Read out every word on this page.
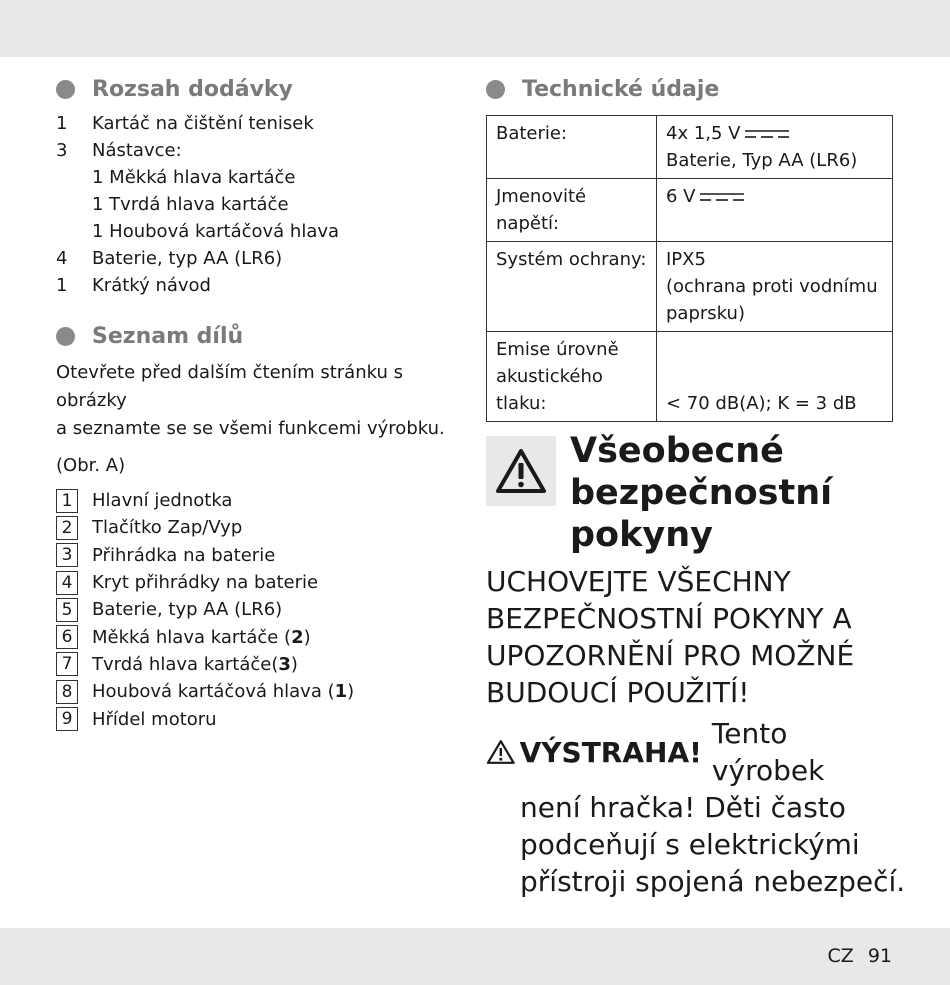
Rozsah dodávky
1	Kartáč na čištění tenisek
3	Nástavce:
1 Měkká hlava kartáče
1 Tvrdá hlava kartáče
1 Houbová kartáčová hlava
4	Baterie, typ AA (LR6)
1	Krátký návod
Seznam dílů
Otevřete před dalším čtením stránku s obrázky
a seznamte se se všemi funkcemi výrobku.
(Obr. A)
1	Hlavní jednotka
2	Tlačítko Zap/Vyp
3	Přihrádka na baterie
4	Kryt přihrádky na baterie
5	Baterie, typ AA (LR6)
6	Měkká hlava kartáče ( 2 )
7	Tvrdá hlava kartáče( 3 )
8	Houbová kartáčová hlava ( 1 )
9	Hřídel motoru
Technické údaje
Baterie:	4x 1,5 V
Baterie, Typ AA (LR6)

Jmenovité napětí:	6 V

Systém ochrany:	IPX5
(ochrana proti vodnímu
paprsku)

Emise úrovně
akustického
tlaku:	< 70 dB(A); K = 3 dB
Všeobecné
bezpečnostní
pokyny
UCHOVEJTE VŠECHNY
BEZPEČNOSTNÍ POKYNY A
UPOZORNĚNÍ PRO MOŽNÉ
BUDOUCÍ POUŽITÍ!
VÝSTRAHA!
Tento výrobek
není hračka! Děti často
podceňují s elektrickými
přístroji spojená nebezpečí.
CZ 91
